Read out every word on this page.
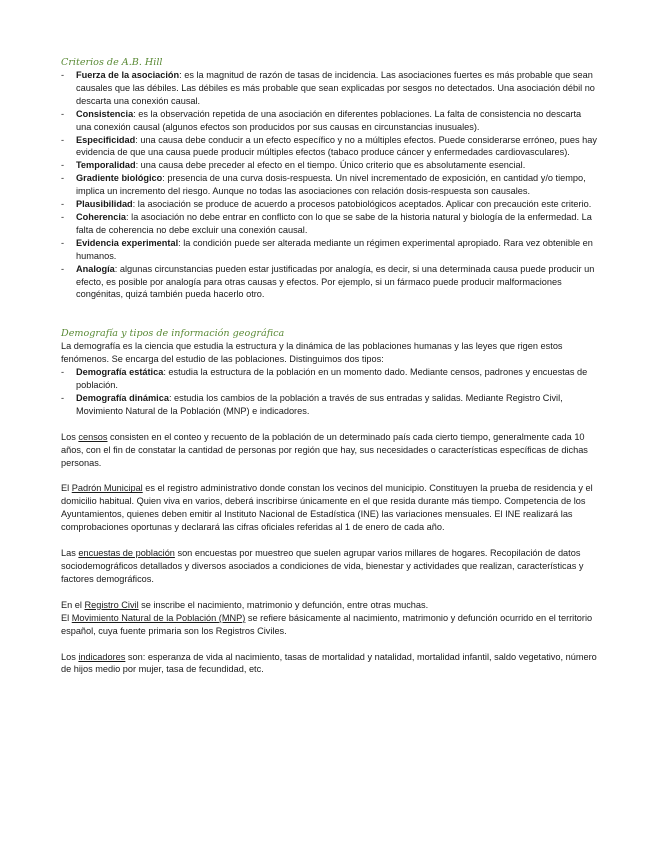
Criterios de A.B. Hill

- Fuerza de la asociación: es la magnitud de razón de tasas de incidencia. Las asociaciones fuertes es más probable que sean causales que las débiles. Las débiles es más probable que sean explicadas por sesgos no detectados. Una asociación débil no descarta una conexión causal.
- Consistencia: es la observación repetida de una asociación en diferentes poblaciones. La falta de consistencia no descarta una conexión causal (algunos efectos son producidos por sus causas en circunstancias inusuales).
- Especificidad: una causa debe conducir a un efecto específico y no a múltiples efectos. Puede considerarse erróneo, pues hay evidencia de que una causa puede producir múltiples efectos (tabaco produce cáncer y enfermedades cardiovasculares).
- Temporalidad: una causa debe preceder al efecto en el tiempo. Único criterio que es absolutamente esencial.
- Gradiente biológico: presencia de una curva dosis-respuesta. Un nivel incrementado de exposición, en cantidad y/o tiempo, implica un incremento del riesgo. Aunque no todas las asociaciones con relación dosis-respuesta son causales.
- Plausibilidad: la asociación se produce de acuerdo a procesos patobiológicos aceptados. Aplicar con precaución este criterio.
- Coherencia: la asociación no debe entrar en conflicto con lo que se sabe de la historia natural y biología de la enfermedad. La falta de coherencia no debe excluir una conexión causal.
- Evidencia experimental: la condición puede ser alterada mediante un régimen experimental apropiado. Rara vez obtenible en humanos.
- Analogía: algunas circunstancias pueden estar justificadas por analogía, es decir, si una determinada causa puede producir un efecto, es posible por analogía para otras causas y efectos. Por ejemplo, si un fármaco puede producir malformaciones congénitas, quizá también pueda hacerlo otro.

Demografía y tipos de información geográfica

La demografía es la ciencia que estudia la estructura y la dinámica de las poblaciones humanas y las leyes que rigen estos fenómenos. Se encarga del estudio de las poblaciones. Distinguimos dos tipos:

- Demografía estática: estudia la estructura de la población en un momento dado. Mediante censos, padrones y encuestas de población.
- Demografía dinámica: estudia los cambios de la población a través de sus entradas y salidas. Mediante Registro Civil, Movimiento Natural de la Población (MNP) e indicadores.

Los censos consisten en el conteo y recuento de la población de un determinado país cada cierto tiempo, generalmente cada 10 años, con el fin de constatar la cantidad de personas por región que hay, sus necesidades o características específicas de dichas personas.

El Padrón Municipal es el registro administrativo donde constan los vecinos del municipio. Constituyen la prueba de residencia y el domicilio habitual. Quien viva en varios, deberá inscribirse únicamente en el que resida durante más tiempo. Competencia de los Ayuntamientos, quienes deben emitir al Instituto Nacional de Estadística (INE) las variaciones mensuales. El INE realizará las comprobaciones oportunas y declarará las cifras oficiales referidas al 1 de enero de cada año.

Las encuestas de población son encuestas por muestreo que suelen agrupar varios millares de hogares. Recopilación de datos sociodemográficos detallados y diversos asociados a condiciones de vida, bienestar y actividades que realizan, características y factores demográficos.

En el Registro Civil se inscribe el nacimiento, matrimonio y defunción, entre otras muchas.

El Movimiento Natural de la Población (MNP) se refiere básicamente al nacimiento, matrimonio y defunción ocurrido en el territorio español, cuya fuente primaria son los Registros Civiles.

Los indicadores son: esperanza de vida al nacimiento, tasas de mortalidad y natalidad, mortalidad infantil, saldo vegetativo, número de hijos medio por mujer, tasa de fecundidad, etc.
